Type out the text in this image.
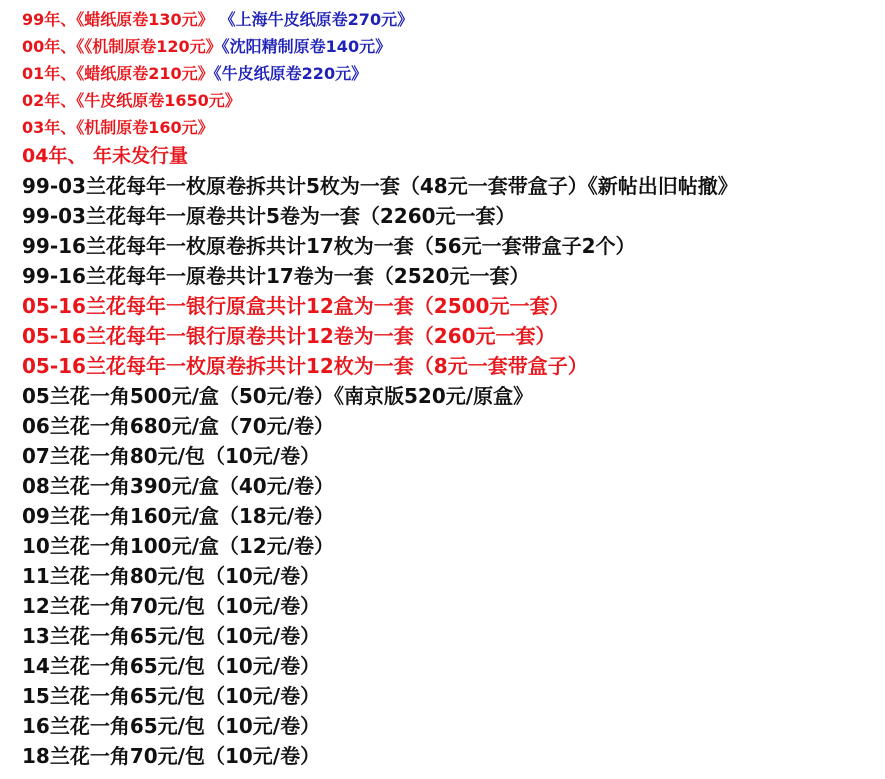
99年、《蜡纸原卷130元》 《上海牛皮纸原卷270元》
00年、《《机制原卷120元》《沈阳精制原卷140元》
01年、《蜡纸原卷210元》《牛皮纸原卷220元》
02年、《牛皮纸原卷1650元》
03年、《机制原卷160元》
04年、 年未发行量
99-03兰花每年一枚原卷拆共计5枚为一套（48元一套带盒子）《新帖出旧帖撤》
99-03兰花每年一原卷共计5卷为一套（2260元一套）
99-16兰花每年一枚原卷拆共计17枚为一套（56元一套带盒子2个）
99-16兰花每年一原卷共计17卷为一套（2520元一套）
05-16兰花每年一银行原盒共计12盒为一套（2500元一套）
05-16兰花每年一银行原卷共计12卷为一套（260元一套）
05-16兰花每年一枚原卷拆共计12枚为一套（8元一套带盒子）
05兰花一角500元/盒（50元/卷）《南京版520元/原盒》
06兰花一角680元/盒（70元/卷）
07兰花一角80元/包（10元/卷）
08兰花一角390元/盒（40元/卷）
09兰花一角160元/盒（18元/卷）
10兰花一角100元/盒（12元/卷）
11兰花一角80元/包（10元/卷）
12兰花一角70元/包（10元/卷）
13兰花一角65元/包（10元/卷）
14兰花一角65元/包（10元/卷）
15兰花一角65元/包（10元/卷）
16兰花一角65元/包（10元/卷）
18兰花一角70元/包（10元/卷）
